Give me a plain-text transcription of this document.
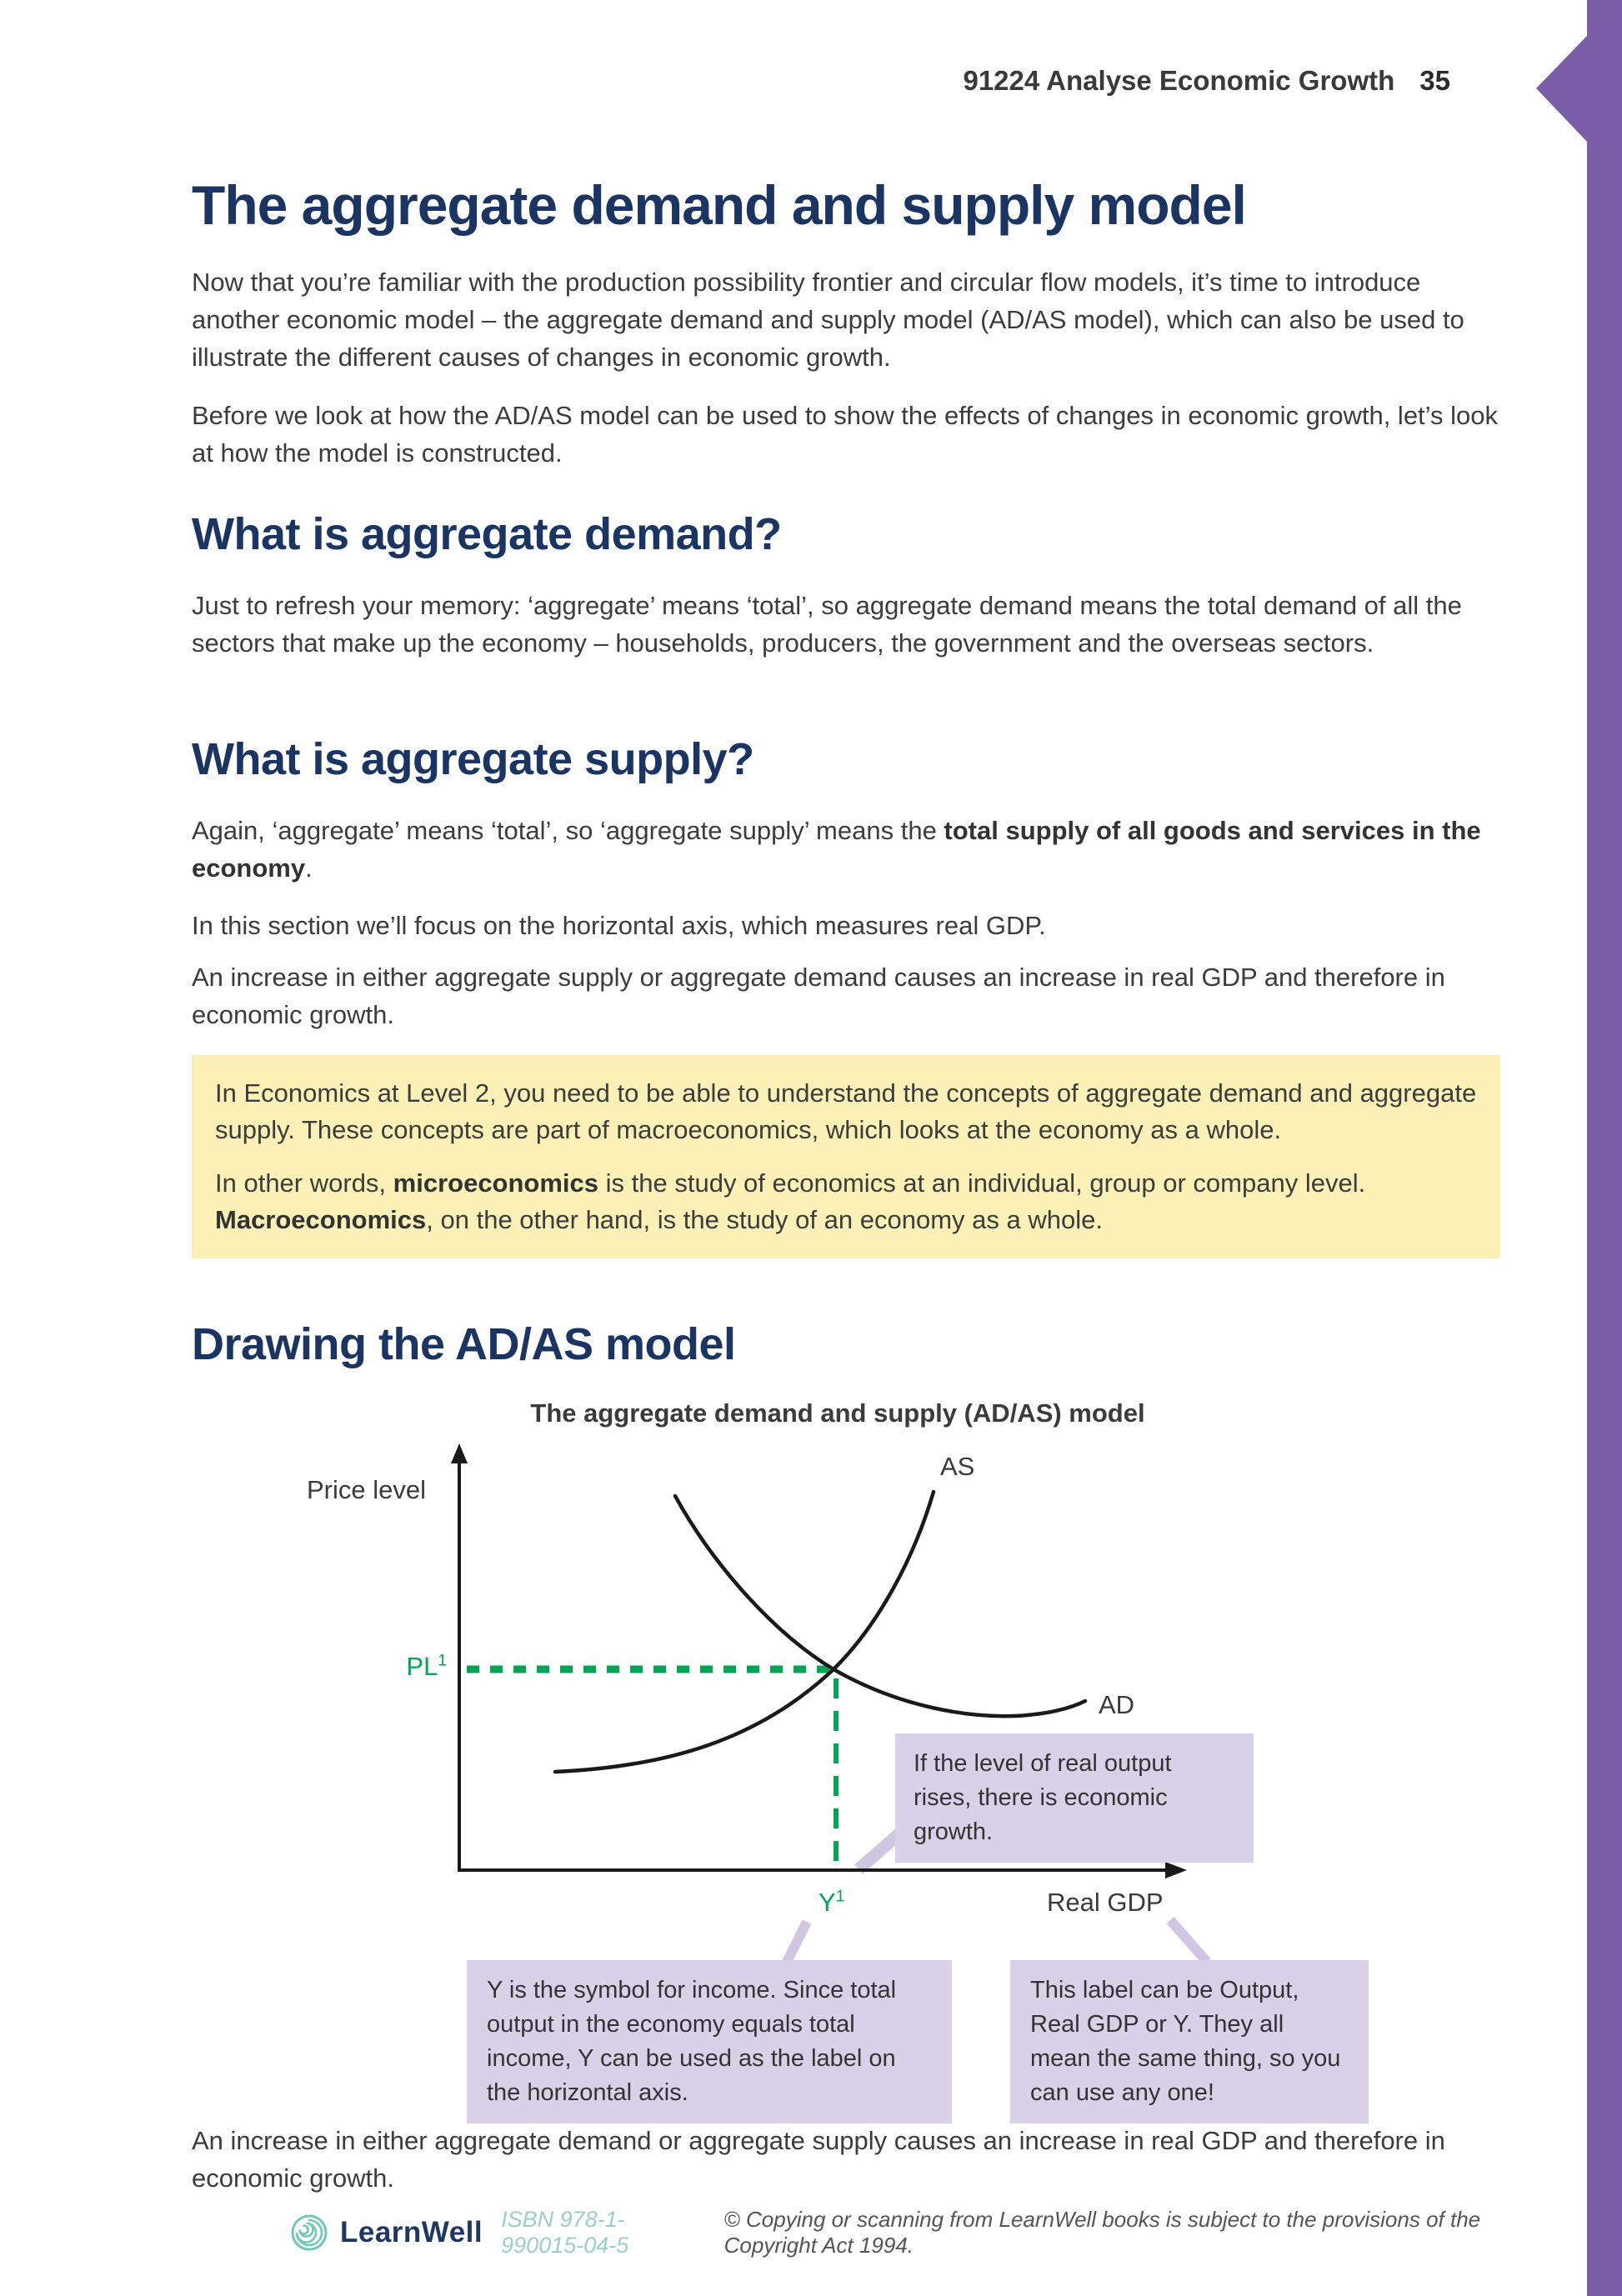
91224 Analyse Economic Growth 35
The aggregate demand and supply model

Now that you’re familiar with the production possibility frontier and circular flow models, it’s time to introduce another economic model – the aggregate demand and supply model (AD/AS model), which can also be used to illustrate the different causes of changes in economic growth.

Before we look at how the AD/AS model can be used to show the effects of changes in economic growth, let’s look at how the model is constructed.

What is aggregate demand?

Just to refresh your memory: ‘aggregate’ means ‘total’, so aggregate demand means the total demand of all the sectors that make up the economy – households, producers, the government and the overseas sectors.

What is aggregate supply?

Again, ‘aggregate’ means ‘total’, so ‘aggregate supply’ means the total supply of all goods and services in the economy.

In this section we’ll focus on the horizontal axis, which measures real GDP.

An increase in either aggregate supply or aggregate demand causes an increase in real GDP and therefore in economic growth.

In Economics at Level 2, you need to be able to understand the concepts of aggregate demand and aggregate supply. These concepts are part of macroeconomics, which looks at the economy as a whole.

In other words, microeconomics is the study of economics at an individual, group or company level. Macroeconomics, on the other hand, is the study of an economy as a whole.

Drawing the AD/AS model
The aggregate demand and supply (AD/AS) model
Price level
AS
AD
$PL^1$
$Y^1$	Real GDP
If the level of real output rises, there is economic growth.
Y is the symbol for income. Since total output in the economy equals total income, Y can be used as the label on the horizontal axis.
This label can be Output, Real GDP or Y. They all mean the same thing, so you can use any one!

An increase in either aggregate demand or aggregate supply causes an increase in real GDP and therefore in economic growth.

LearnWell ISBN 978-1-990015-04-5
© Copying or scanning from LearnWell books is subject to the provisions of the Copyright Act 1994.
